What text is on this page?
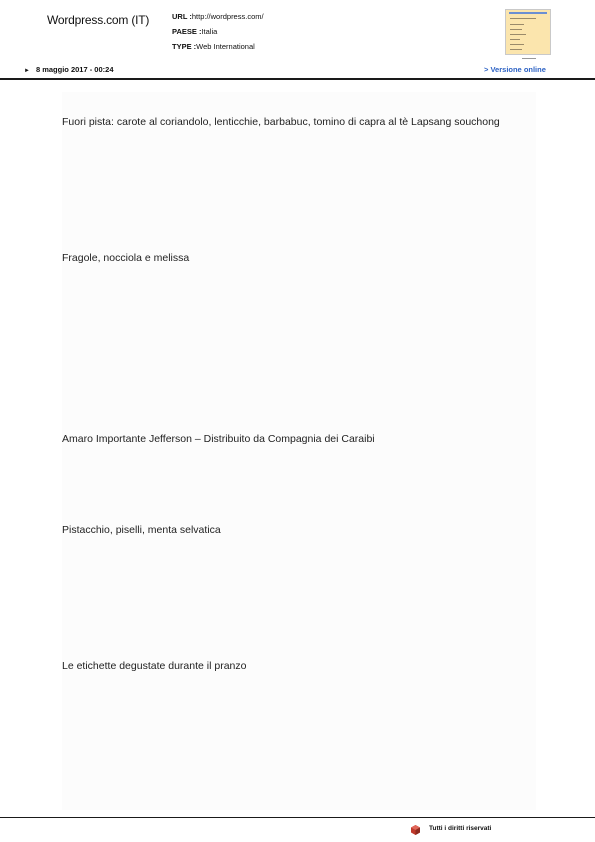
Wordpress.com (IT)	URL :http://wordpress.com/
PAESE :Italia
TYPE :Web International
► 8 maggio 2017 - 00:24	> Versione online
Fuori pista: carote al coriandolo, lenticchie, barbabuc, tomino di capra al tè Lapsang souchong
Fragole, nocciola e melissa
Amaro Importante Jefferson – Distribuito da Compagnia dei Caraibi
Pistacchio, piselli, menta selvatica
Le etichette degustate durante il pranzo
Tutti i diritti riservati
